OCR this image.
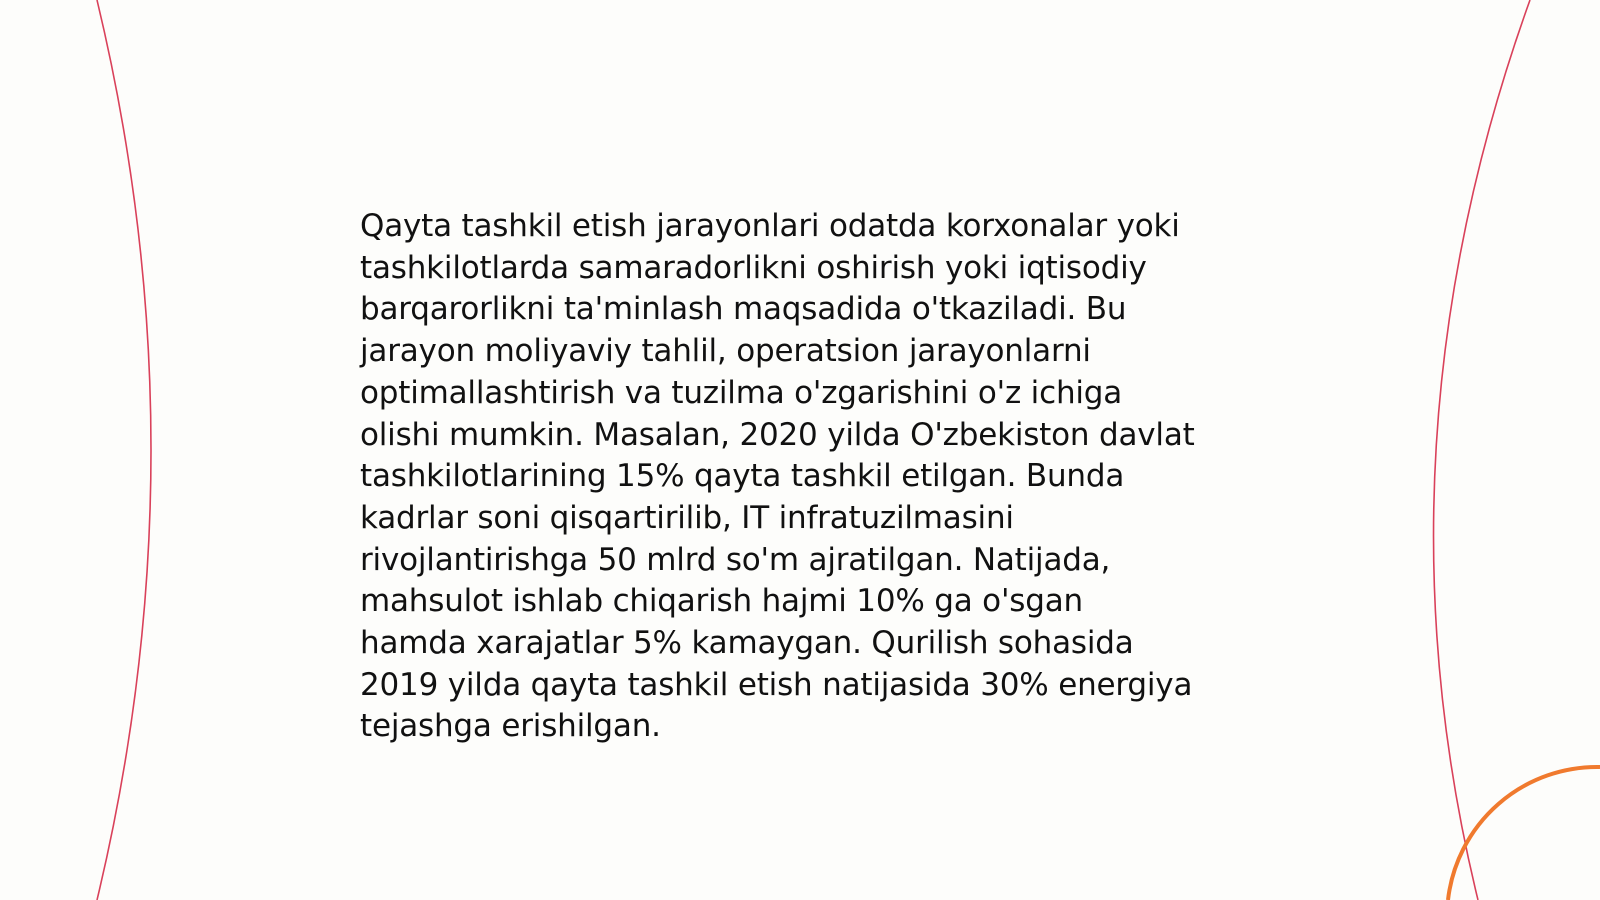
Qayta tashkil etish jarayonlari odatda korxonalar yoki
tashkilotlarda samaradorlikni oshirish yoki iqtisodiy
barqarorlikni ta'minlash maqsadida o'tkaziladi. Bu
jarayon moliyaviy tahlil, operatsion jarayonlarni
optimallashtirish va tuzilma o'zgarishini o'z ichiga
olishi mumkin. Masalan, 2020 yilda O'zbekiston davlat
tashkilotlarining 15% qayta tashkil etilgan. Bunda
kadrlar soni qisqartirilib, IT infratuzilmasini
rivojlantirishga 50 mlrd so'm ajratilgan. Natijada,
mahsulot ishlab chiqarish hajmi 10% ga o'sgan
hamda xarajatlar 5% kamaygan. Qurilish sohasida
2019 yilda qayta tashkil etish natijasida 30% energiya
tejashga erishilgan.
